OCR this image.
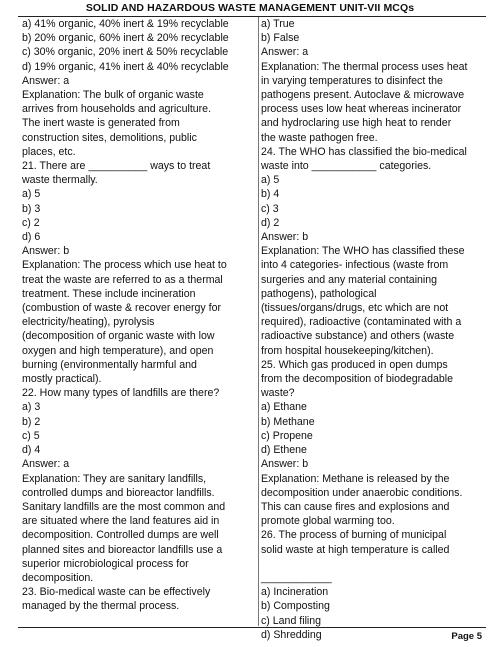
SOLID AND HAZARDOUS WASTE MANAGEMENT UNIT-VII MCQs
a) 41% organic, 40% inert & 19% recyclable
b) 20% organic, 60% inert & 20% recyclable
c) 30% organic, 20% inert & 50% recyclable
d) 19% organic, 41% inert & 40% recyclable
Answer: a
Explanation: The bulk of organic waste
arrives from households and agriculture.
The inert waste is generated from
construction sites, demolitions, public
places, etc.
21. There are __________ ways to treat
waste thermally.
a) 5
b) 3
c) 2
d) 6
Answer: b
Explanation: The process which use heat to
treat the waste are referred to as a thermal
treatment. These include incineration
(combustion of waste & recover energy for
electricity/heating), pyrolysis
(decomposition of organic waste with low
oxygen and high temperature), and open
burning (environmentally harmful and
mostly practical).
22. How many types of landfills are there?
a) 3
b) 2
c) 5
d) 4
Answer: a
Explanation: They are sanitary landfills,
controlled dumps and bioreactor landfills.
Sanitary landfills are the most common and
are situated where the land features aid in
decomposition. Controlled dumps are well
planned sites and bioreactor landfills use a
superior microbiological process for
decomposition.
23. Bio-medical waste can be effectively
managed by the thermal process.
a) True
b) False
Answer: a
Explanation: The thermal process uses heat
in varying temperatures to disinfect the
pathogens present. Autoclave & microwave
process uses low heat whereas incinerator
and hydroclaring use high heat to render
the waste pathogen free.
24. The WHO has classified the bio-medical
waste into ___________ categories.
a) 5
b) 4
c) 3
d) 2
Answer: b
Explanation: The WHO has classified these
into 4 categories- infectious (waste from
surgeries and any material containing
pathogens), pathological
(tissues/organs/drugs, etc which are not
required), radioactive (contaminated with a
radioactive substance) and others (waste
from hospital housekeeping/kitchen).
25. Which gas produced in open dumps
from the decomposition of biodegradable
waste?
a) Ethane
b) Methane
c) Propene
d) Ethene
Answer: b
Explanation: Methane is released by the
decomposition under anaerobic conditions.
This can cause fires and explosions and
promote global warming too.
26. The process of burning of municipal
solid waste at high temperature is called

____________
a) Incineration
b) Composting
c) Land filing
d) Shredding	Page 5
